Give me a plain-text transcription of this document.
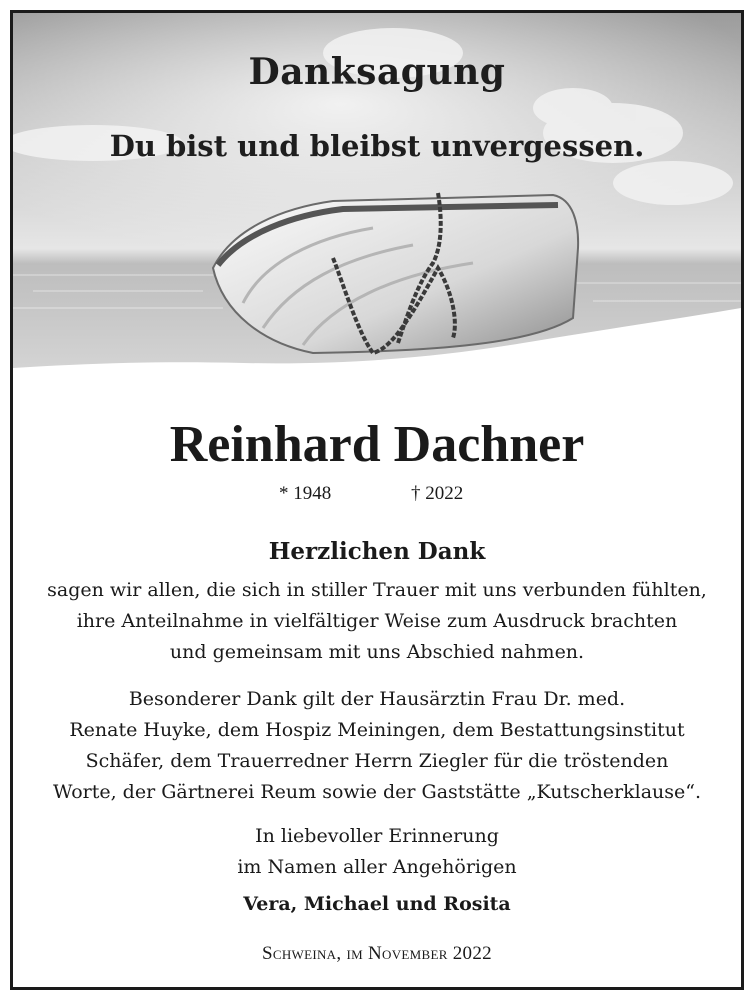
Danksagung
Du bist und bleibst unvergessen.
Reinhard Dachner
* 1948	† 2022
Herzlichen Dank
sagen wir allen, die sich in stiller Trauer mit uns verbunden fühlten,
ihre Anteilnahme in vielfältiger Weise zum Ausdruck brachten
und gemeinsam mit uns Abschied nahmen.
Besonderer Dank gilt der Hausärztin Frau Dr. med.
Renate Huyke, dem Hospiz Meiningen, dem Bestattungsinstitut
Schäfer, dem Trauerredner Herrn Ziegler für die tröstenden
Worte, der Gärtnerei Reum sowie der Gaststätte „Kutscherklause“.
In liebevoller Erinnerung
im Namen aller Angehörigen
Vera, Michael und Rosita
Schweina, im November 2022
